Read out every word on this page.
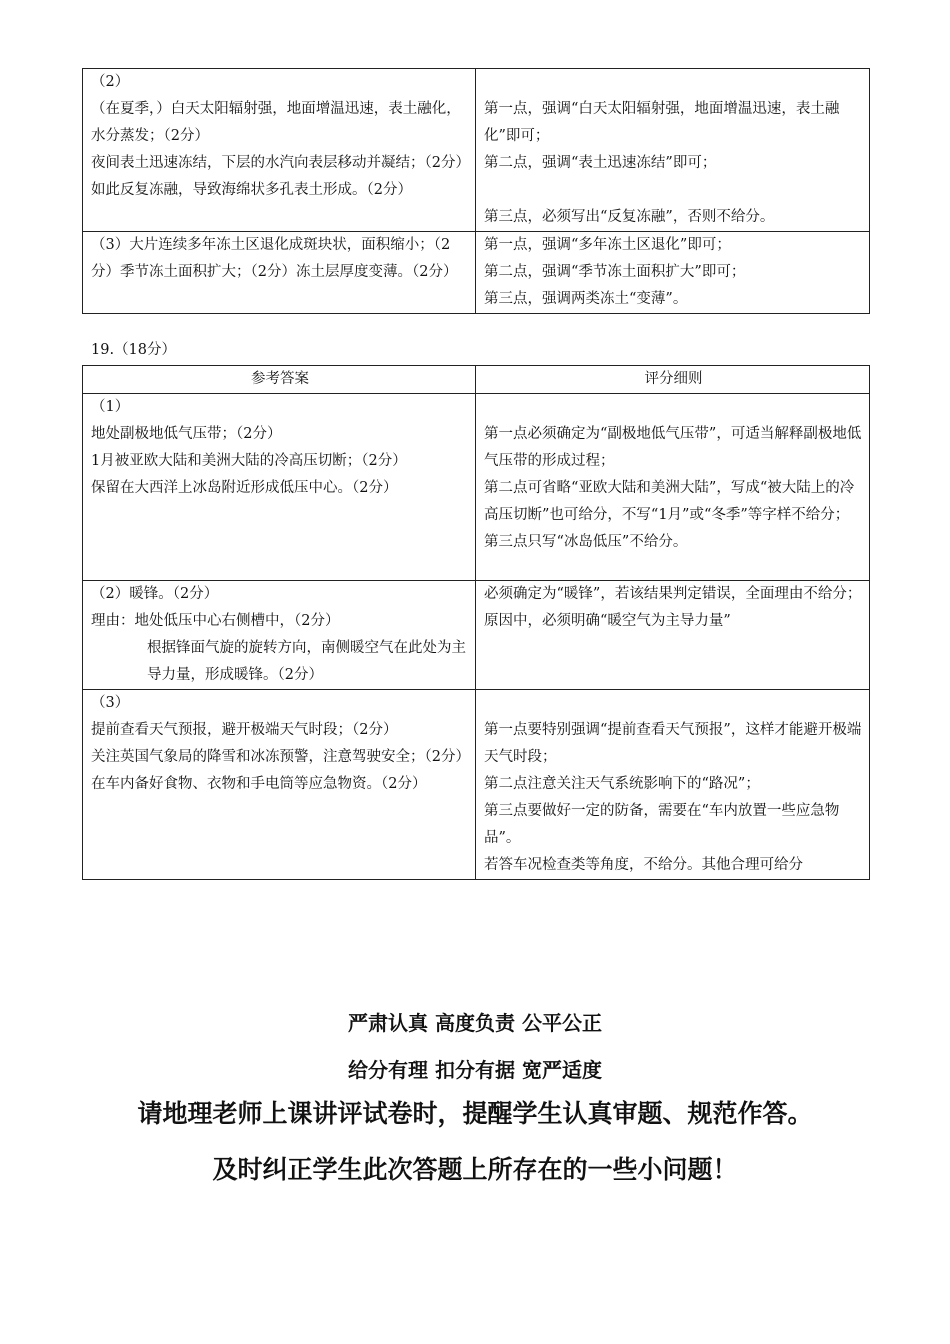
（2）
（在夏季，）白天太阳辐射强，地面增温迅速，表土融化，水分蒸发；（2分）
夜间表土迅速冻结，下层的水汽向表层移动并凝结；（2分）
如此反复冻融，导致海绵状多孔表土形成。（2分）	第一点，强调“白天太阳辐射强，地面增温迅速，表土融化”即可；
第二点，强调“表土迅速冻结”即可；
第三点，必须写出“反复冻融”，否则不给分。

（3）大片连续多年冻土区退化成斑块状，面积缩小；（2分）季节冻土面积扩大；（2分）冻土层厚度变薄。（2分）	第一点，强调“多年冻土区退化”即可；
第二点，强调“季节冻土面积扩大”即可；
第三点，强调两类冻土“变薄”。
19.（18分）
参考答案	评分细则

（1）
地处副极地低气压带；（2分）
1月被亚欧大陆和美洲大陆的冷高压切断；（2分）
保留在大西洋上冰岛附近形成低压中心。（2分）	第一点必须确定为“副极地低气压带”，可适当解释副极地低气压带的形成过程；
第二点可省略“亚欧大陆和美洲大陆”，写成“被大陆上的冷高压切断”也可给分，不写“1月”或“冬季”等字样不给分；
第三点只写“冰岛低压”不给分。

（2）暖锋。（2分）
理由：地处低压中心右侧槽中，（2分）
根据锋面气旋的旋转方向，南侧暖空气在此处为主导力量，形成暖锋。（2分）	必须确定为“暖锋”，若该结果判定错误，全面理由不给分；
原因中，必须明确“暖空气为主导力量”

（3）
提前查看天气预报，避开极端天气时段；（2分）
关注英国气象局的降雪和冰冻预警，注意驾驶安全；（2分）
在车内备好食物、衣物和手电筒等应急物资。（2分）	第一点要特别强调“提前查看天气预报”，这样才能避开极端天气时段；
第二点注意关注天气系统影响下的“路况”；
第三点要做好一定的防备，需要在“车内放置一些应急物品”。
若答车况检查类等角度，不给分。其他合理可给分
严肃认真 高度负责 公平公正
给分有理 扣分有据 宽严适度
请地理老师上课讲评试卷时，提醒学生认真审题、规范作答。
及时纠正学生此次答题上所存在的一些小问题！
